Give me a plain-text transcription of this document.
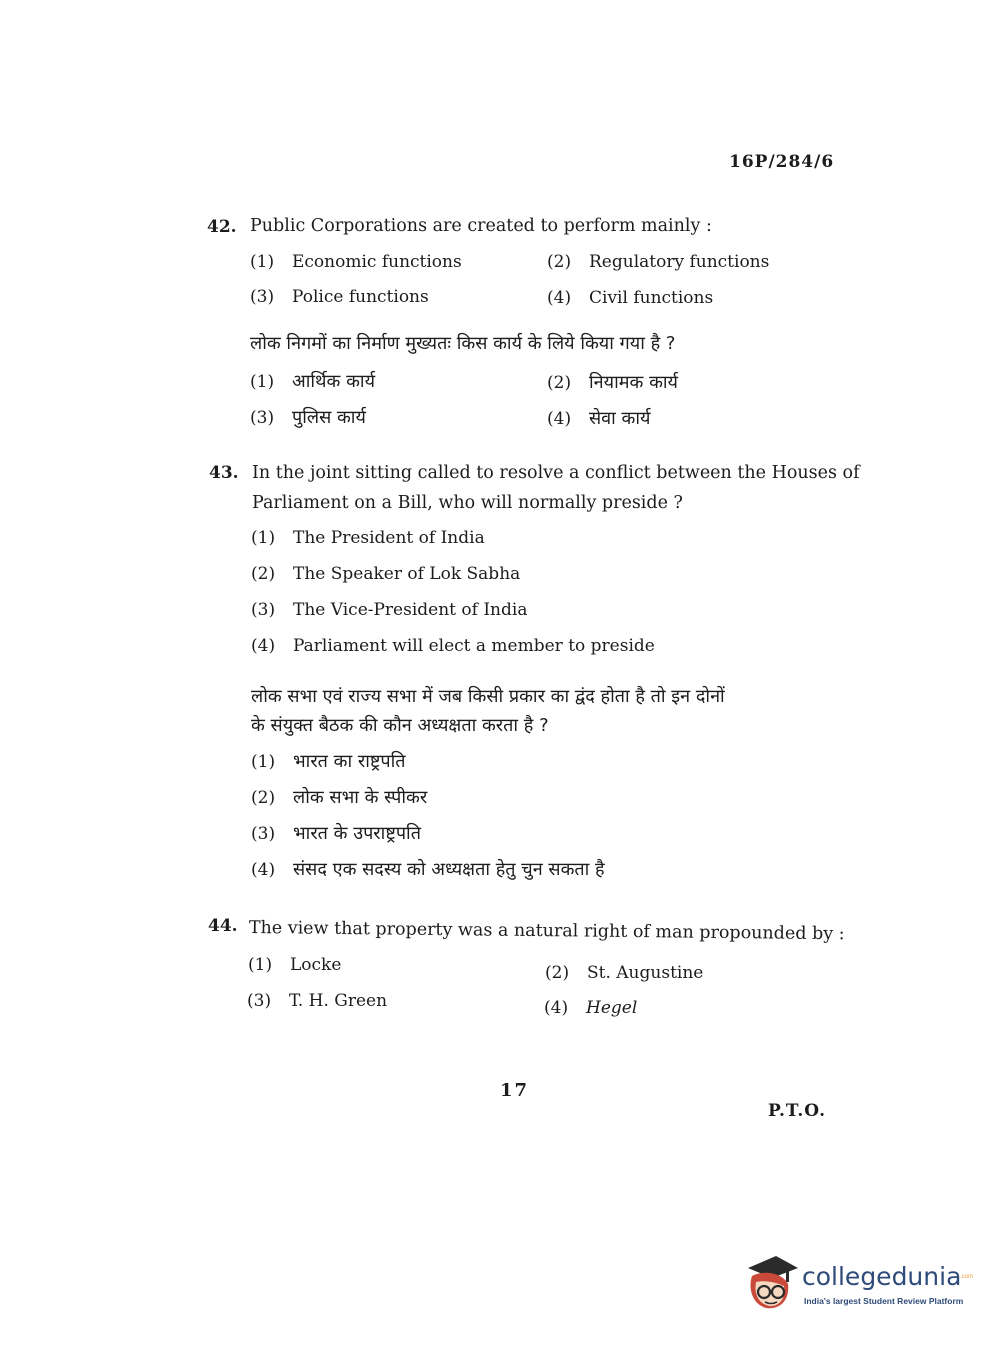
16P/284/6
42. Public Corporations are created to perform mainly :
(1) Economic functions	(2) Regulatory functions
(3) Police functions	(4) Civil functions
लोक निगमों का निर्माण मुख्यतः किस कार्य के लिये किया गया है ?
(1) आर्थिक कार्य	(2) नियामक कार्य
(3) पुलिस कार्य	(4) सेवा कार्य
43. In the joint sitting called to resolve a conflict between the Houses of
Parliament on a Bill, who will normally preside ?
(1) The President of India
(2) The Speaker of Lok Sabha
(3) The Vice-President of India
(4) Parliament will elect a member to preside
लोक सभा एवं राज्य सभा में जब किसी प्रकार का द्वंद होता है तो इन दोनों
के संयुक्त बैठक की कौन अध्यक्षता करता है ?
(1) भारत का राष्ट्रपति
(2) लोक सभा के स्पीकर
(3) भारत के उपराष्ट्रपति
(4) संसद एक सदस्य को अध्यक्षता हेतु चुन सकता है
44. The view that property was a natural right of man propounded by :
(1) Locke	(2) St. Augustine
(3) T. H. Green	(4) Hegel
17
P.T.O.
collegedunia
.com
India's largest Student Review Platform
